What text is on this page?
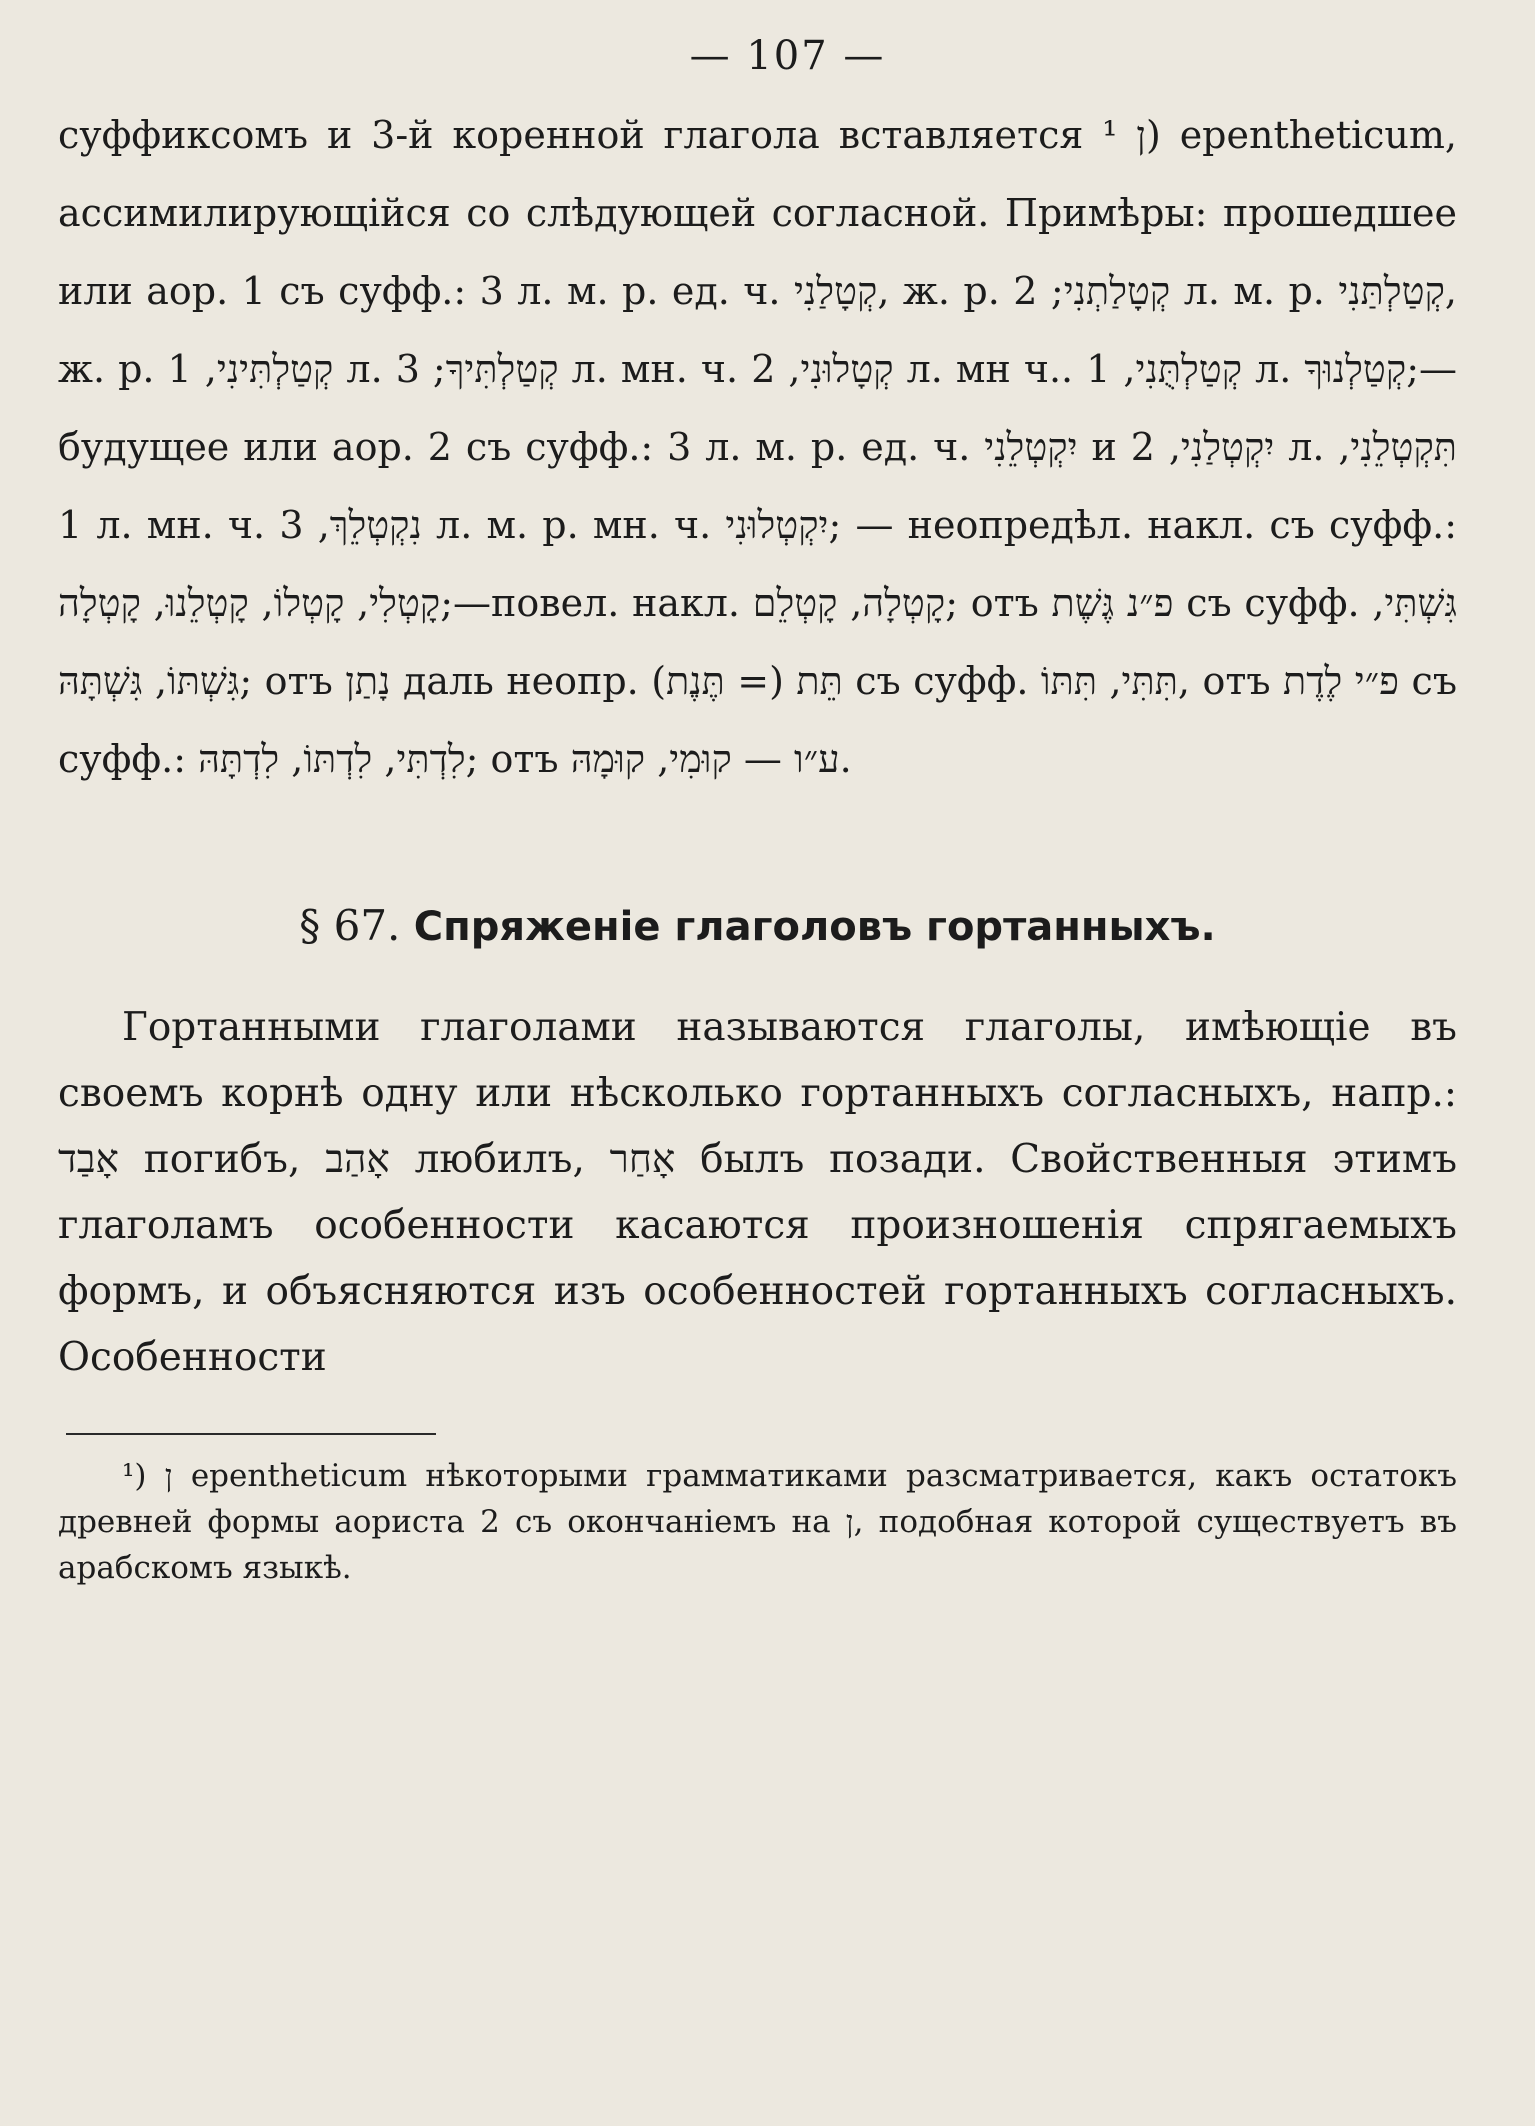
— 107 —

суффиксомъ и 3-й коренной глагола вставляется ן ¹) epentheticum, ассимилирующійся со слѣдующей согласной. Примѣры: прошедшее или аор. 1 съ суфф.: 3 л. м. р. ед. ч. קְטָלַנִי, ж. р. קְטָלַתְנִי; 2 л. м. р. קְטַלְתַּנִי, ж. р. קְטַלְתִּינִי, 1 л. קְטַלְתִּיךָ; 3 л. мн. ч. קְטָלוּנִי, 2 л. мн ч.. קְטַלְתֻּנִי, 1 л. קְטַלְנוּךָ;—будущее или аор. 2 съ суфф.: 3 л. м. р. ед. ч. יִקְטְלֵנִי и יִקְטְלַנִי, 2 л. תִּקְטְלֵנִי, 1 л. мн. ч. נִקְטְלֵךְ, 3 л. м. р. мн. ч. יִקְטְלוּנִי; — неопредѣл. накл. съ суфф.: קָטְלִי, קָטְלוֹ, קָטְלֵנוּ, קָטְלָה;—повел. накл. קָטְלָה, קָטְלֵם; отъ פ״נ גֶּשֶׁת съ суфф. גִּשְׁתִּי, גִּשְׁתּוֹ, גִּשְׁתָּהּ; отъ נָתַן даль неопр. תֵּת (= תֶּנֶת) съ суфф. תִּתִּי, תִּתּוֹ, отъ פ״י לֶדֶת съ суфф.: לִדְתִּי, לִדְתּוֹ, לִדְתָּהּ; отъ ע״ו — קוּמִי, קוּמָהּ.

§ 67. Спряженіе глаголовъ гортанныхъ.

Гортанными глаголами называются глаголы, имѣющіе въ своемъ корнѣ одну или нѣсколько гортанныхъ согласныхъ, напр.: אָבַד погибъ, אָהַב любилъ, אָחַר былъ позади. Свойственныя этимъ глаголамъ особенности касаются произношенія спрягаемыхъ формъ, и объясняются изъ особенностей гортанныхъ согласныхъ. Особенности

¹) ן epentheticum нѣкоторыми грамматиками разсматривается, какъ остатокъ древней формы аориста 2 съ окончаніемъ на ן, подобная которой существуетъ въ арабскомъ языкѣ.
